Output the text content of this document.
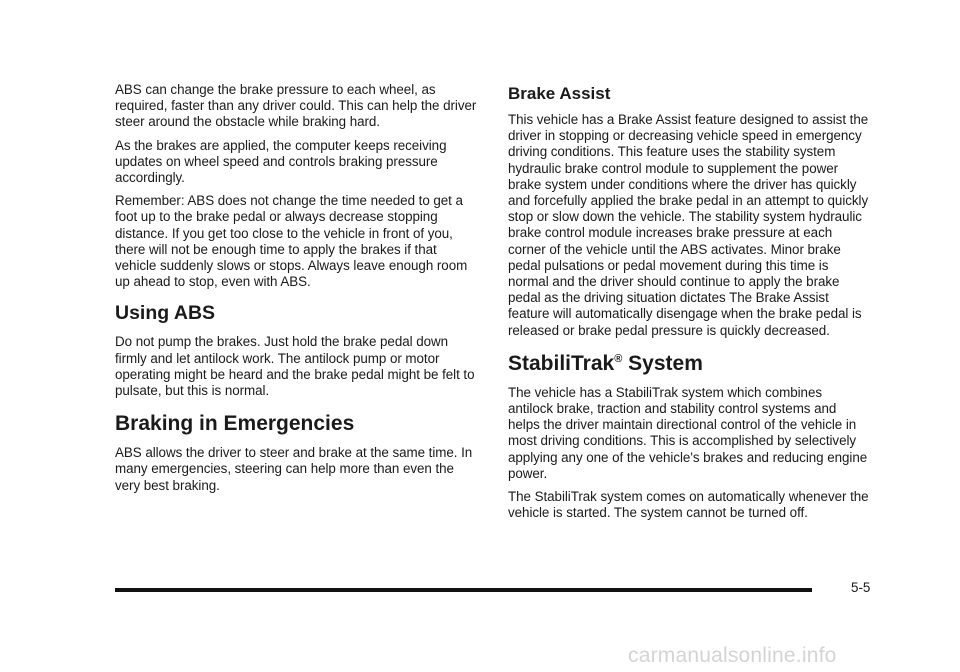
ABS can change the brake pressure to each wheel, as required, faster than any driver could. This can help the driver steer around the obstacle while braking hard.

As the brakes are applied, the computer keeps receiving updates on wheel speed and controls braking pressure accordingly.

Remember: ABS does not change the time needed to get a foot up to the brake pedal or always decrease stopping distance. If you get too close to the vehicle in front of you, there will not be enough time to apply the brakes if that vehicle suddenly slows or stops. Always leave enough room up ahead to stop, even with ABS.

Using ABS

Do not pump the brakes. Just hold the brake pedal down firmly and let antilock work. The antilock pump or motor operating might be heard and the brake pedal might be felt to pulsate, but this is normal.

Braking in Emergencies

ABS allows the driver to steer and brake at the same time. In many emergencies, steering can help more than even the very best braking.

Brake Assist

This vehicle has a Brake Assist feature designed to assist the driver in stopping or decreasing vehicle speed in emergency driving conditions. This feature uses the stability system hydraulic brake control module to supplement the power brake system under conditions where the driver has quickly and forcefully applied the brake pedal in an attempt to quickly stop or slow down the vehicle. The stability system hydraulic brake control module increases brake pressure at each corner of the vehicle until the ABS activates. Minor brake pedal pulsations or pedal movement during this time is normal and the driver should continue to apply the brake pedal as the driving situation dictates The Brake Assist feature will automatically disengage when the brake pedal is released or brake pedal pressure is quickly decreased.

StabiliTrak® System

The vehicle has a StabiliTrak system which combines antilock brake, traction and stability control systems and helps the driver maintain directional control of the vehicle in most driving conditions. This is accomplished by selectively applying any one of the vehicle's brakes and reducing engine power.

The StabiliTrak system comes on automatically whenever the vehicle is started. The system cannot be turned off.

5-5
carmanualsonline.info
